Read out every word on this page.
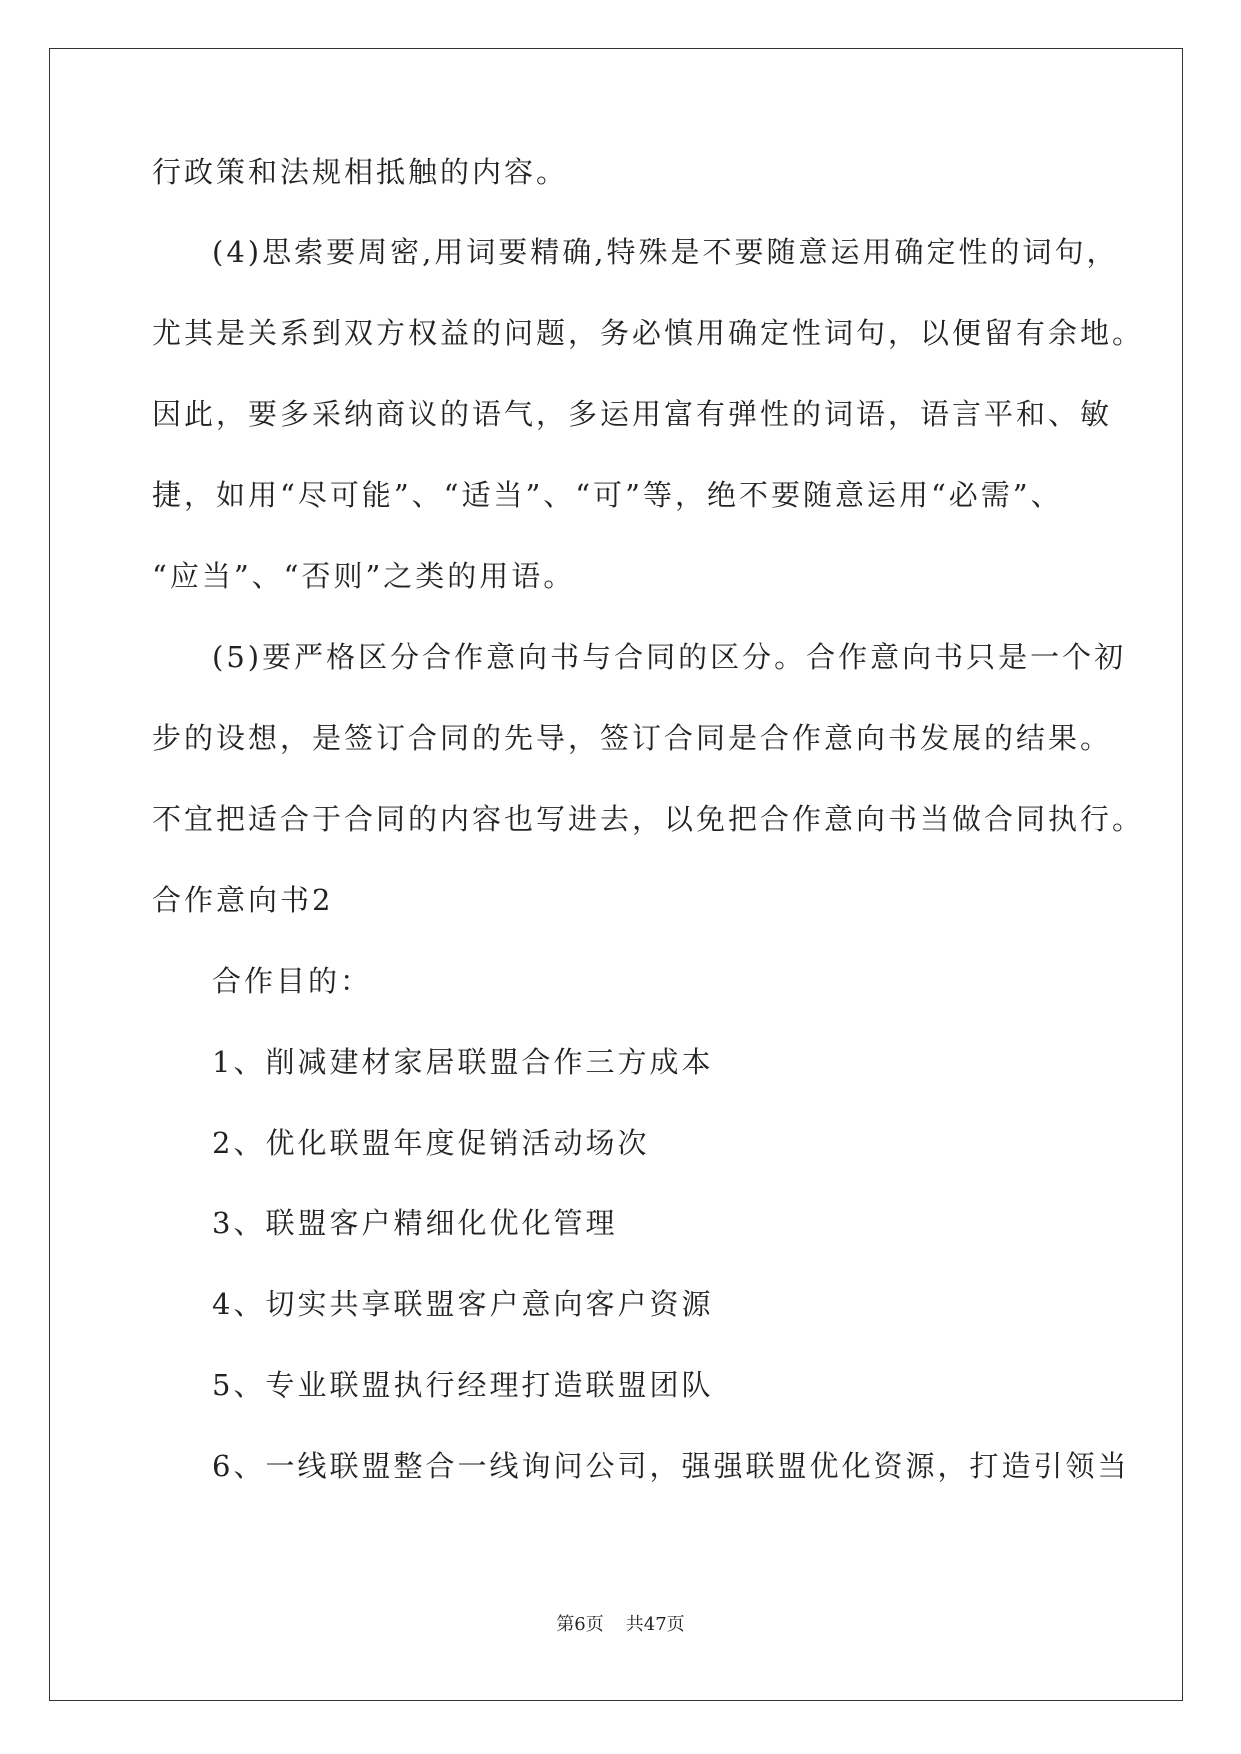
行政策和法规相抵触的内容。
(4)思索要周密,用词要精确,特殊是不要随意运用确定性的词句，
尤其是关系到双方权益的问题，务必慎用确定性词句，以便留有余地。
因此，要多采纳商议的语气，多运用富有弹性的词语，语言平和、敏
捷，如用“尽可能”、“适当”、“可”等，绝不要随意运用“必需”、
“应当”、“否则”之类的用语。
(5)要严格区分合作意向书与合同的区分。合作意向书只是一个初
步的设想，是签订合同的先导，签订合同是合作意向书发展的结果。
不宜把适合于合同的内容也写进去，以免把合作意向书当做合同执行。
合作意向书2
合作目的：
1、削减建材家居联盟合作三方成本
2、优化联盟年度促销活动场次
3、联盟客户精细化优化管理
4、切实共享联盟客户意向客户资源
5、专业联盟执行经理打造联盟团队
6、一线联盟整合一线询问公司，强强联盟优化资源，打造引领当
第6页 共47页
